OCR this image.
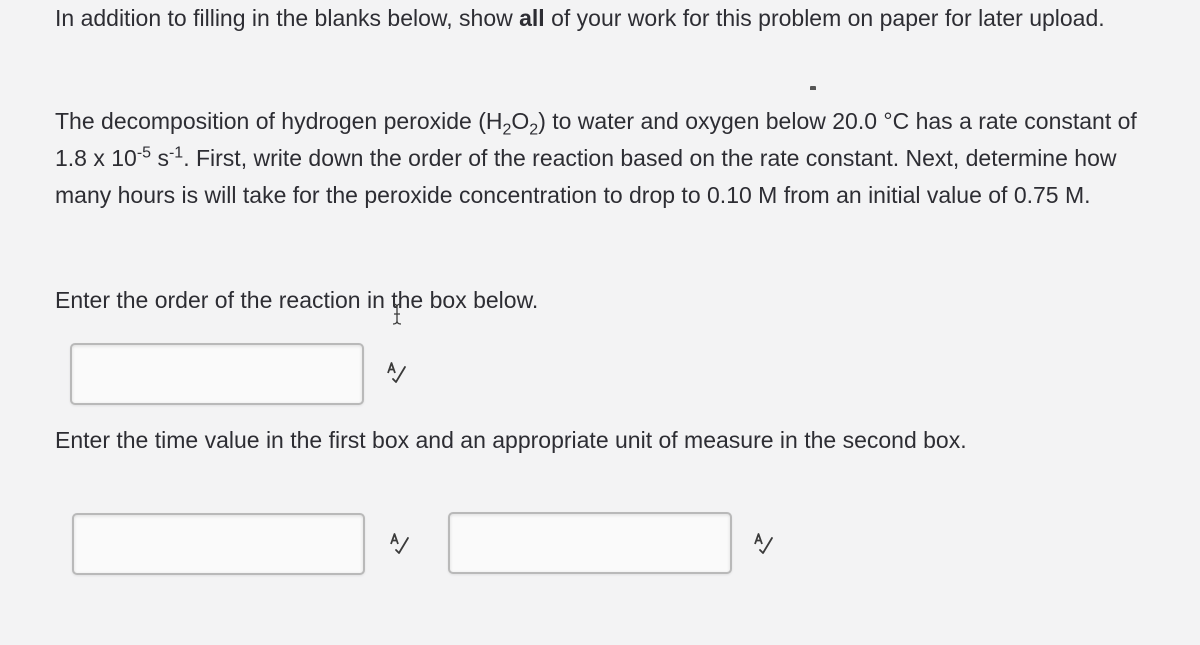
In addition to filling in the blanks below, show all of your work for this problem on paper for later upload.

The decomposition of hydrogen peroxide $(H_2O_2)$ to water and oxygen below 20.0 °C has a rate constant of 1.8 x $10^{-5}$ $s^{-1}$. First, write down the order of the reaction based on the rate constant. Next, determine how many hours is will take for the peroxide concentration to drop to 0.10 M from an initial value of 0.75 M.

Enter the order of the reaction in the box below.

Enter the time value in the first box and an appropriate unit of measure in the second box.
